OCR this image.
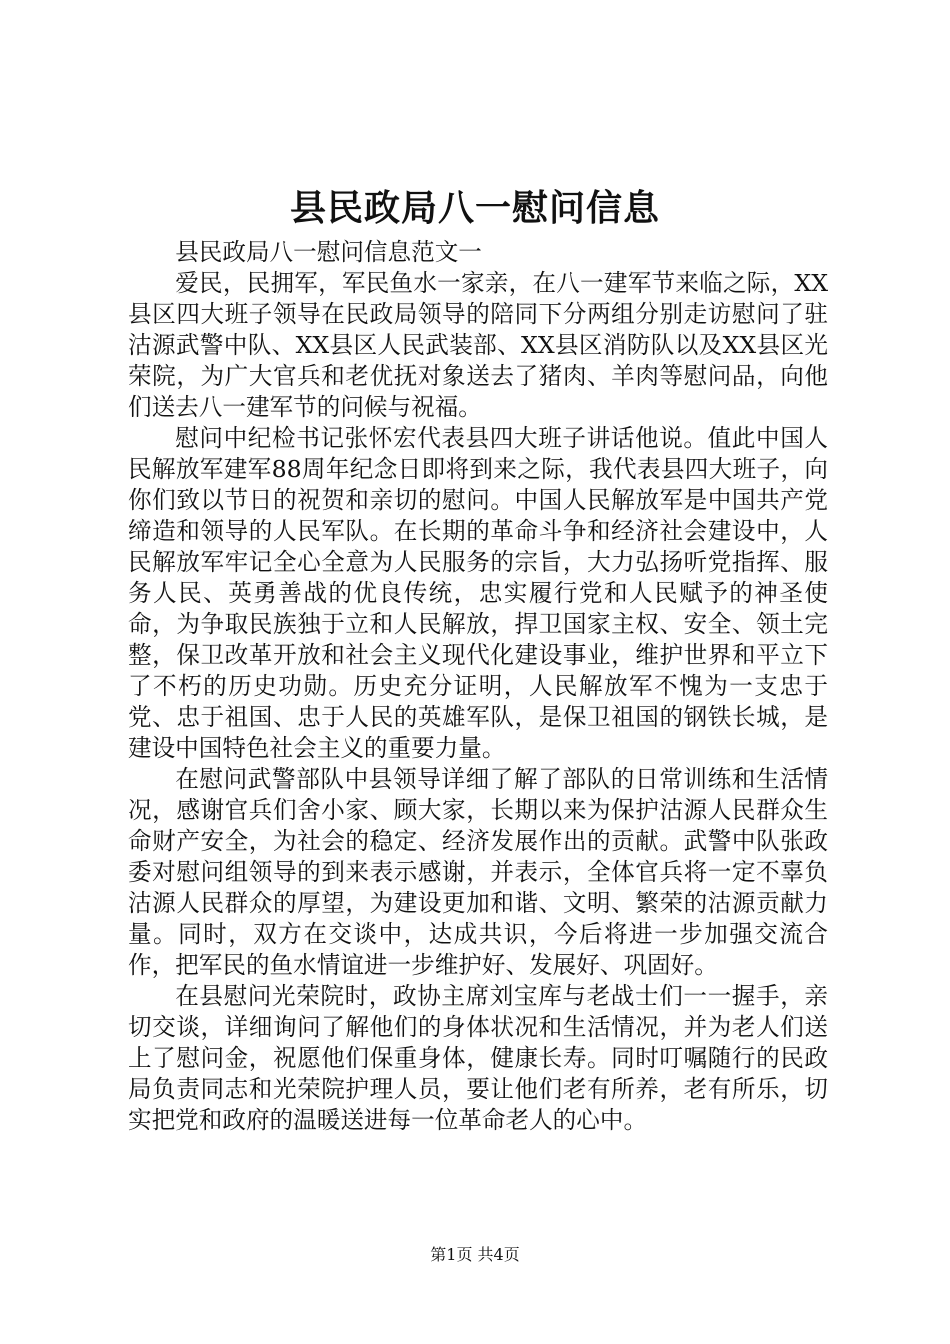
县民政局八一慰问信息

县民政局八一慰问信息范文一

爱民，民拥军，军民鱼水一家亲，在八一建军节来临之际，XX县区四大班子领导在民政局领导的陪同下分两组分别走访慰问了驻沽源武警中队、XX县区人民武装部、XX县区消防队以及XX县区光荣院，为广大官兵和老优抚对象送去了猪肉、羊肉等慰问品，向他们送去八一建军节的问候与祝福。

慰问中纪检书记张怀宏代表县四大班子讲话他说。值此中国人民解放军建军88周年纪念日即将到来之际，我代表县四大班子，向你们致以节日的祝贺和亲切的慰问。中国人民解放军是中国共产党缔造和领导的人民军队。在长期的革命斗争和经济社会建设中，人民解放军牢记全心全意为人民服务的宗旨，大力弘扬听党指挥、服务人民、英勇善战的优良传统，忠实履行党和人民赋予的神圣使命，为争取民族独于立和人民解放，捍卫国家主权、安全、领土完整，保卫改革开放和社会主义现代化建设事业，维护世界和平立下了不朽的历史功勋。历史充分证明，人民解放军不愧为一支忠于党、忠于祖国、忠于人民的英雄军队，是保卫祖国的钢铁长城，是建设中国特色社会主义的重要力量。

在慰问武警部队中县领导详细了解了部队的日常训练和生活情况，感谢官兵们舍小家、顾大家，长期以来为保护沽源人民群众生命财产安全，为社会的稳定、经济发展作出的贡献。武警中队张政委对慰问组领导的到来表示感谢，并表示，全体官兵将一定不辜负沽源人民群众的厚望，为建设更加和谐、文明、繁荣的沽源贡献力量。同时，双方在交谈中，达成共识，今后将进一步加强交流合作，把军民的鱼水情谊进一步维护好、发展好、巩固好。

在县慰问光荣院时，政协主席刘宝库与老战士们一一握手，亲切交谈，详细询问了解他们的身体状况和生活情况，并为老人们送上了慰问金，祝愿他们保重身体，健康长寿。同时叮嘱随行的民政局负责同志和光荣院护理人员，要让他们老有所养，老有所乐，切实把党和政府的温暖送进每一位革命老人的心中。

第1页 共4页
